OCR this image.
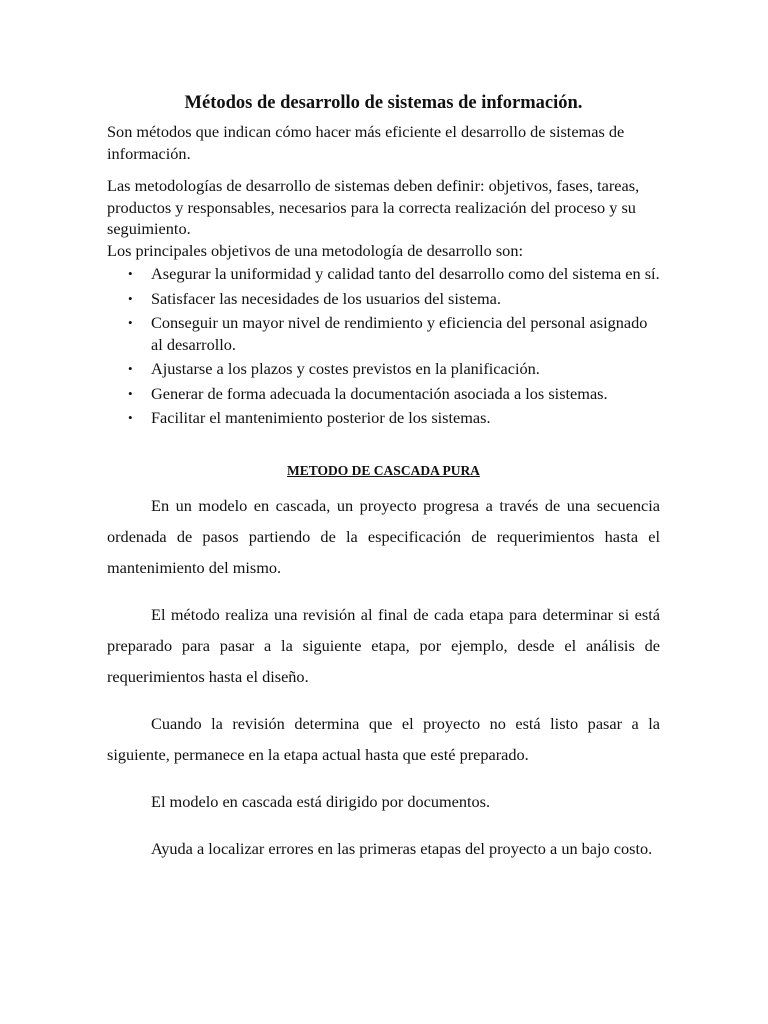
Métodos de desarrollo de sistemas de información.

Son métodos que indican cómo hacer más eficiente el desarrollo de sistemas de información.

Las metodologías de desarrollo de sistemas deben definir: objetivos, fases, tareas, productos y responsables, necesarios para la correcta realización del proceso y su seguimiento.

Los principales objetivos de una metodología de desarrollo son:

• Asegurar la uniformidad y calidad tanto del desarrollo como del sistema en sí.
• Satisfacer las necesidades de los usuarios del sistema.
• Conseguir un mayor nivel de rendimiento y eficiencia del personal asignado al desarrollo.
• Ajustarse a los plazos y costes previstos en la planificación.
• Generar de forma adecuada la documentación asociada a los sistemas.
• Facilitar el mantenimiento posterior de los sistemas.
METODO DE CASCADA PURA

En un modelo en cascada, un proyecto progresa a través de una secuencia ordenada de pasos partiendo de la especificación de requerimientos hasta el mantenimiento del mismo.

El método realiza una revisión al final de cada etapa para determinar si está preparado para pasar a la siguiente etapa, por ejemplo, desde el análisis de requerimientos hasta el diseño.

Cuando la revisión determina que el proyecto no está listo pasar a la siguiente, permanece en la etapa actual hasta que esté preparado.

El modelo en cascada está dirigido por documentos.

Ayuda a localizar errores en las primeras etapas del proyecto a un bajo costo.
